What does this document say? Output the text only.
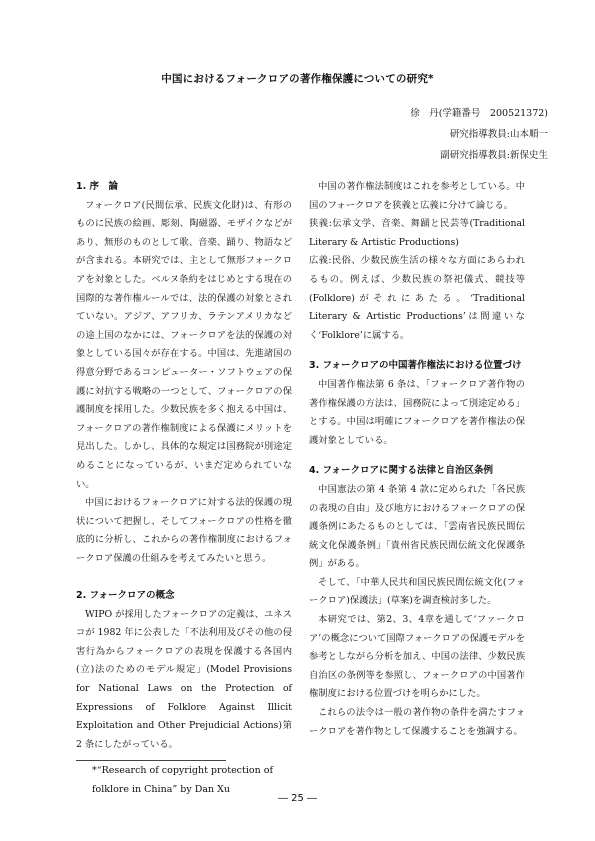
中国におけるフォークロアの著作権保護についての研究*
徐　丹(学籍番号　200521372)
研究指導教員:山本順一
副研究指導教員:新保史生
1. 序　論

フォークロア(民間伝承、民族文化財)は、有形のものに民族の絵画、彫刻、陶磁器、モザイクなどがあり、無形のものとして歌、音楽、踊り、物語などが含まれる。本研究では、主として無形フォークロアを対象とした。ベルヌ条約をはじめとする現在の国際的な著作権ルールでは、法的保護の対象とされていない。アジア、アフリカ、ラテンアメリカなどの途上国のなかには、フォークロアを法的保護の対象としている国々が存在する。中国は、先進諸国の得意分野であるコンピューター・ソフトウェアの保護に対抗する戦略の一つとして、フォークロアの保護制度を採用した。少数民族を多く抱える中国は、フォークロアの著作権制度による保護にメリットを見出した。しかし、具体的な規定は国務院が別途定めることになっているが、いまだ定められていない。

中国におけるフォークロアに対する法的保護の現状について把握し、そしてフォークロアの性格を徹底的に分析し、これからの著作権制度におけるフォークロア保護の仕組みを考えてみたいと思う。

2. フォークロアの概念

WIPO が採用したフォークロアの定義は、ユネスコが 1982 年に公表した「不法利用及びその他の侵害行為からフォークロアの表現を保護する各国内(立)法のためのモデル規定」(Model Provisions for National Laws on the Protection of Expressions of Folklore Against Illicit Exploitation and Other Prejudicial Actions)第 2 条にしたがっている。

*“Research of copyright protection of
folklore in China” by Dan Xu

中国の著作権法制度はこれを参考としている。中国のフォークロアを狭義と広義に分けて論じる。

狭義:伝承文学、音楽、舞踊と民芸等(Traditional Literary & Artistic Productions)

広義:民俗、少数民族生活の様々な方面にあらわれるもの。例えば、少数民族の祭祀儀式、競技等(Folklore)がそれにあたる。‘Traditional Literary & Artistic Productions’は間違いなく‘Folklore’に属する。

3. フォークロアの中国著作権法における位置づけ

中国著作権法第 6 条は、「フォークロア著作物の著作権保護の方法は、国務院によって別途定める」とする。中国は明確にフォークロアを著作権法の保護対象としている。

4. フォークロアに関する法律と自治区条例

中国憲法の第 4 条第 4 款に定められた「各民族の表現の自由」及び地方におけるフォークロアの保護条例にあたるものとしては、「雲南省民族民間伝統文化保護条例」「貴州省民族民間伝統文化保護条例」がある。

そして、「中華人民共和国民族民間伝統文化(フォークロア)保護法」(草案)を調査検討多した。

本研究では、第2、3、4章を通して‘ファークロア’の概念について国際フォークロアの保護モデルを参考としながら分析を加え、中国の法律、少数民族自治区の条例等を参照し、フォークロアの中国著作権制度における位置づけを明らかにした。

これらの法令は一般の著作物の条件を満たすフォークロアを著作物として保護することを強調する。

― 25 ―
